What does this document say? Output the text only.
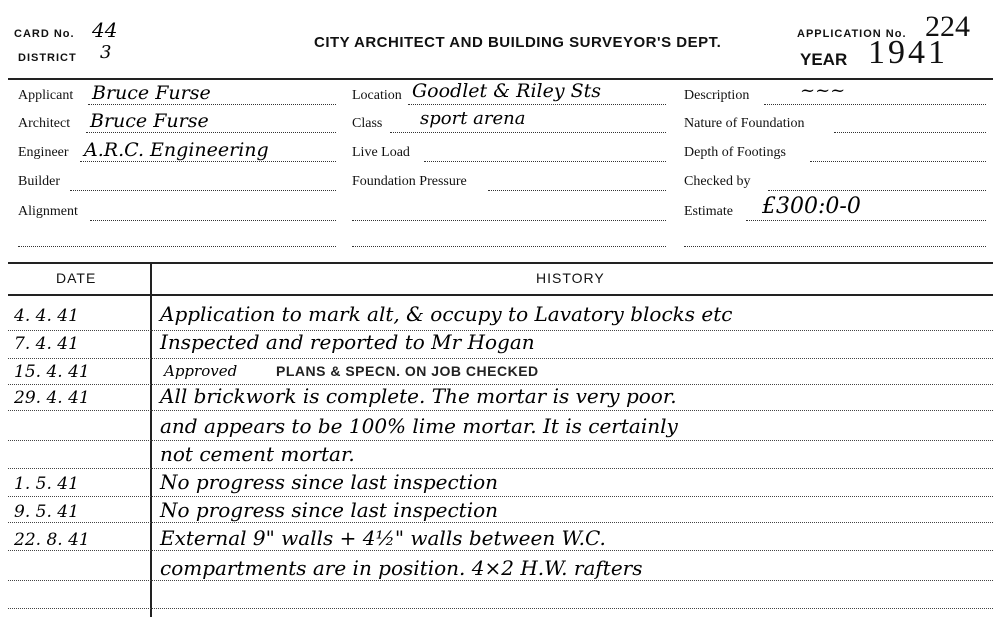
CARD No. 44
DISTRICT 3	CITY ARCHITECT AND BUILDING SURVEYOR'S DEPT.	APPLICATION No. 224
YEAR 1941
Applicant Bruce Furse
Architect Bruce Furse
Engineer A.R.C. Engineering
Builder
Alignment
Location Goodlet & Riley Sts
Class sport arena
Live Load
Foundation Pressure
Description	~~~
Nature of Foundation
Depth of Footings
Checked by
Estimate £300:0-0
DATE	HISTORY
4. 4. 41	Application to mark alt, & occupy to Lavatory blocks etc
7. 4. 41	Inspected and reported to Mr Hogan
15. 4. 41	Approved	PLANS & SPECN. ON JOB CHECKED
29. 4. 41	All brickwork is complete. The mortar is very poor.
and appears to be 100% lime mortar. It is certainly
not cement mortar.
1. 5. 41	No progress since last inspection
9. 5. 41	No progress since last inspection
22. 8. 41	External 9" walls + 4½" walls between W.C.
compartments are in position. 4×2 H.W. rafters
